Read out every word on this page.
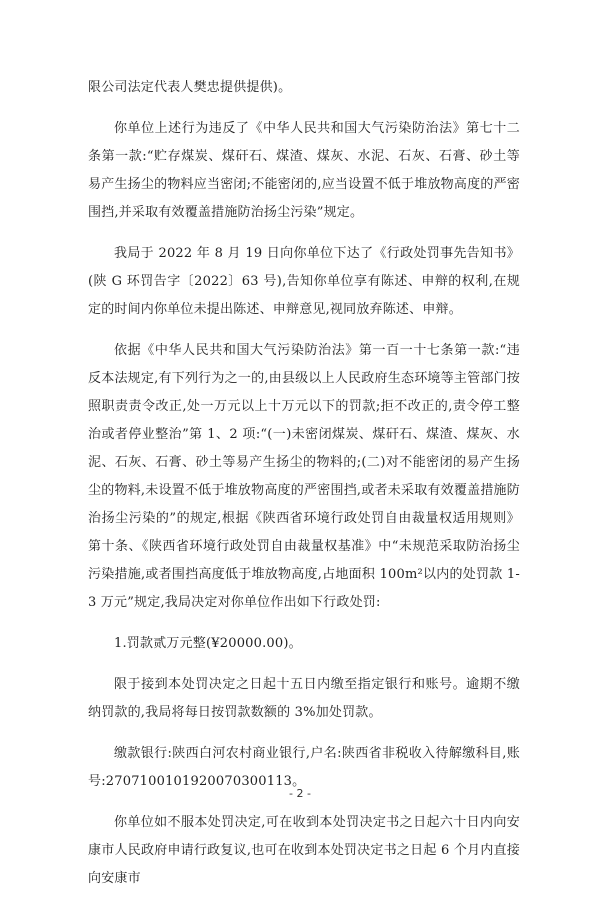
限公司法定代表人樊忠提供提供)。

你单位上述行为违反了《中华人民共和国大气污染防治法》第七十二条第一款:“贮存煤炭、煤矸石、煤渣、煤灰、水泥、石灰、石膏、砂土等易产生扬尘的物料应当密闭;不能密闭的,应当设置不低于堆放物高度的严密围挡,并采取有效覆盖措施防治扬尘污染”规定。

我局于 2022 年 8 月 19 日向你单位下达了《行政处罚事先告知书》(陕 G 环罚告字〔2022〕63 号),告知你单位享有陈述、申辩的权利,在规定的时间内你单位未提出陈述、申辩意见,视同放弃陈述、申辩。

依据《中华人民共和国大气污染防治法》第一百一十七条第一款:“违反本法规定,有下列行为之一的,由县级以上人民政府生态环境等主管部门按照职责责令改正,处一万元以上十万元以下的罚款;拒不改正的,责令停工整治或者停业整治”第 1、2 项:“(一)未密闭煤炭、煤矸石、煤渣、煤灰、水泥、石灰、石膏、砂土等易产生扬尘的物料的;(二)对不能密闭的易产生扬尘的物料,未设置不低于堆放物高度的严密围挡,或者未采取有效覆盖措施防治扬尘污染的”的规定,根据《陕西省环境行政处罚自由裁量权适用规则》第十条、《陕西省环境行政处罚自由裁量权基准》中“未规范采取防治扬尘污染措施,或者围挡高度低于堆放物高度,占地面积 100m²以内的处罚款 1-3 万元”规定,我局决定对你单位作出如下行政处罚:

1.罚款贰万元整(¥20000.00)。

限于接到本处罚决定之日起十五日内缴至指定银行和账号。逾期不缴纳罚款的,我局将每日按罚款数额的 3%加处罚款。

缴款银行:陕西白河农村商业银行,户名:陕西省非税收入待解缴科目,账号:2707100101920070300113。

你单位如不服本处罚决定,可在收到本处罚决定书之日起六十日内向安康市人民政府申请行政复议,也可在收到本处罚决定书之日起 6 个月内直接向安康市

- 2 -
